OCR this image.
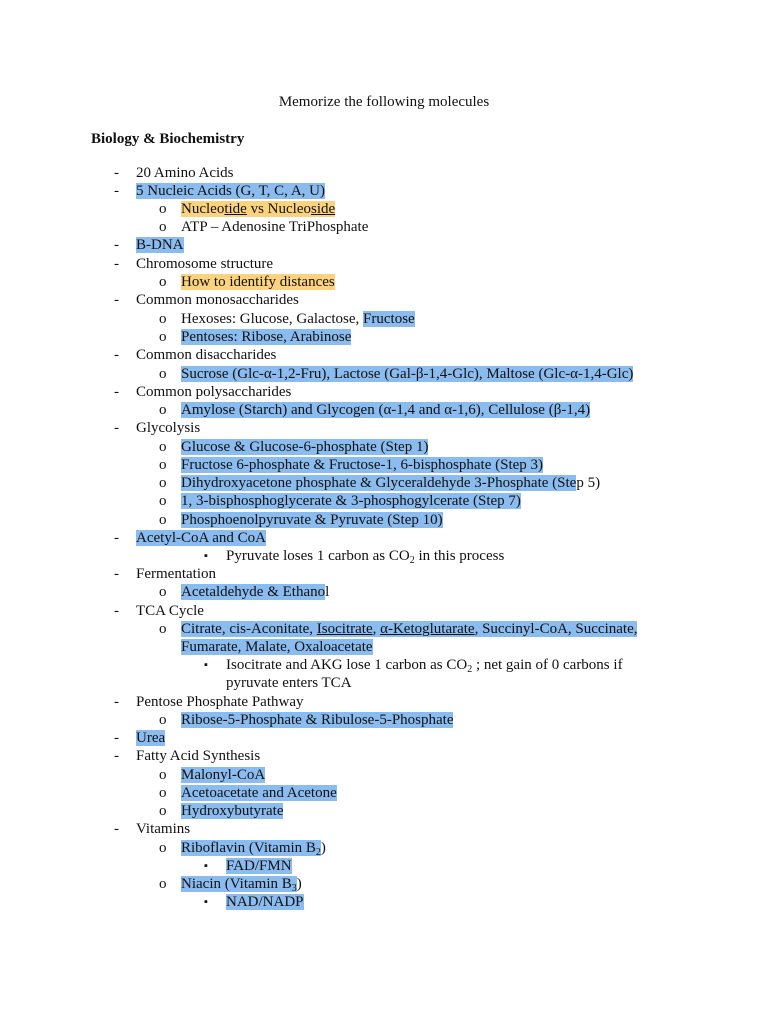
Memorize the following molecules
Biology & Biochemistry
- 20 Amino Acids
- 5 Nucleic Acids (G, T, C, A, U)
o Nucleotide vs Nucleoside
o ATP – Adenosine TriPhosphate
- B-DNA
- Chromosome structure
o How to identify distances
- Common monosaccharides
o Hexoses: Glucose, Galactose, Fructose
o Pentoses: Ribose, Arabinose
- Common disaccharides
o Sucrose (Glc-α-1,2-Fru), Lactose (Gal-β-1,4-Glc), Maltose (Glc-α-1,4-Glc)
- Common polysaccharides
o Amylose (Starch) and Glycogen (α-1,4 and α-1,6), Cellulose (β-1,4)
- Glycolysis
o Glucose & Glucose-6-phosphate (Step 1)
o Fructose 6-phosphate & Fructose-1, 6-bisphosphate (Step 3)
o Dihydroxyacetone phosphate & Glyceraldehyde 3-Phosphate (Step 5)
o 1, 3-bisphosphoglycerate & 3-phosphogylcerate (Step 7)
o Phosphoenolpyruvate & Pyruvate (Step 10)
- Acetyl-CoA and CoA
▪ Pyruvate loses 1 carbon as $CO_2$ in this process
- Fermentation
o Acetaldehyde & Ethanol
- TCA Cycle
o Citrate, cis-Aconitate, Isocitrate, α-Ketoglutarate, Succinyl-CoA, Succinate,
Fumarate, Malate, Oxaloacetate
▪ Isocitrate and AKG lose 1 carbon as $CO_2$ ; net gain of 0 carbons if
pyruvate enters TCA
- Pentose Phosphate Pathway
o Ribose-5-Phosphate & Ribulose-5-Phosphate
- Urea
- Fatty Acid Synthesis
o Malonyl-CoA
o Acetoacetate and Acetone
o Hydroxybutyrate
- Vitamins
o Riboflavin (Vitamin $B_2$)
▪ FAD/FMN
o Niacin (Vitamin $B_3$)
▪ NAD/NADP
